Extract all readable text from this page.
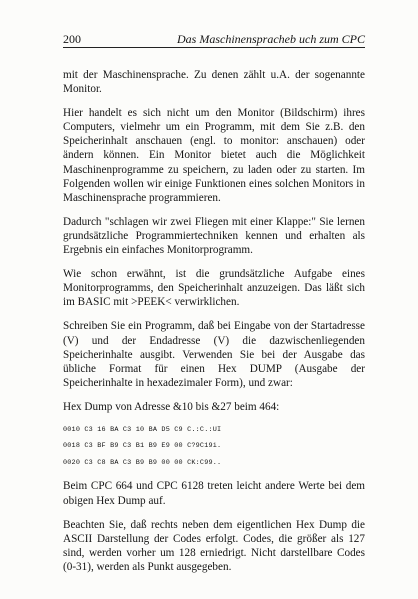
200	Das Maschinenspracheb uch zum CPC

mit der Maschinensprache. Zu denen zählt u.A. der sogenannte Monitor.

Hier handelt es sich nicht um den Monitor (Bildschirm) ihres Computers, vielmehr um ein Programm, mit dem Sie z.B. den Speicherinhalt anschauen (engl. to monitor: anschauen) oder ändern können. Ein Monitor bietet auch die Möglichkeit Maschinenprogramme zu speichern, zu laden oder zu starten. Im Folgenden wollen wir einige Funktionen eines solchen Monitors in Maschinensprache programmieren.

Dadurch "schlagen wir zwei Fliegen mit einer Klappe:" Sie lernen grundsätzliche Programmiertechniken kennen und erhalten als Ergebnis ein einfaches Monitorprogramm.

Wie schon erwähnt, ist die grundsätzliche Aufgabe eines Monitorprogramms, den Speicherinhalt anzuzeigen. Das läßt sich im BASIC mit >PEEK< verwirklichen.

Schreiben Sie ein Programm, daß bei Eingabe von der Startadresse (V) und der Endadresse (V) die dazwischenliegenden Speicherinhalte ausgibt. Verwenden Sie bei der Ausgabe das übliche Format für einen Hex DUMP (Ausgabe der Speicherinhalte in hexadezimaler Form), und zwar:

Hex Dump von Adresse &10 bis &27 beim 464:

0010 C3 16 BA C3 10 BA D5 C9 C.:C.:UI
0018 C3 BF B9 C3 B1 B9 E9 00 C?9C19i.
0020 C3 C8 BA C3 B9 B9 00 00 CK:C99..

Beim CPC 664 und CPC 6128 treten leicht andere Werte bei dem obigen Hex Dump auf.

Beachten Sie, daß rechts neben dem eigentlichen Hex Dump die ASCII Darstellung der Codes erfolgt. Codes, die größer als 127 sind, werden vorher um 128 erniedrigt. Nicht darstellbare Codes (0-31), werden als Punkt ausgegeben.
